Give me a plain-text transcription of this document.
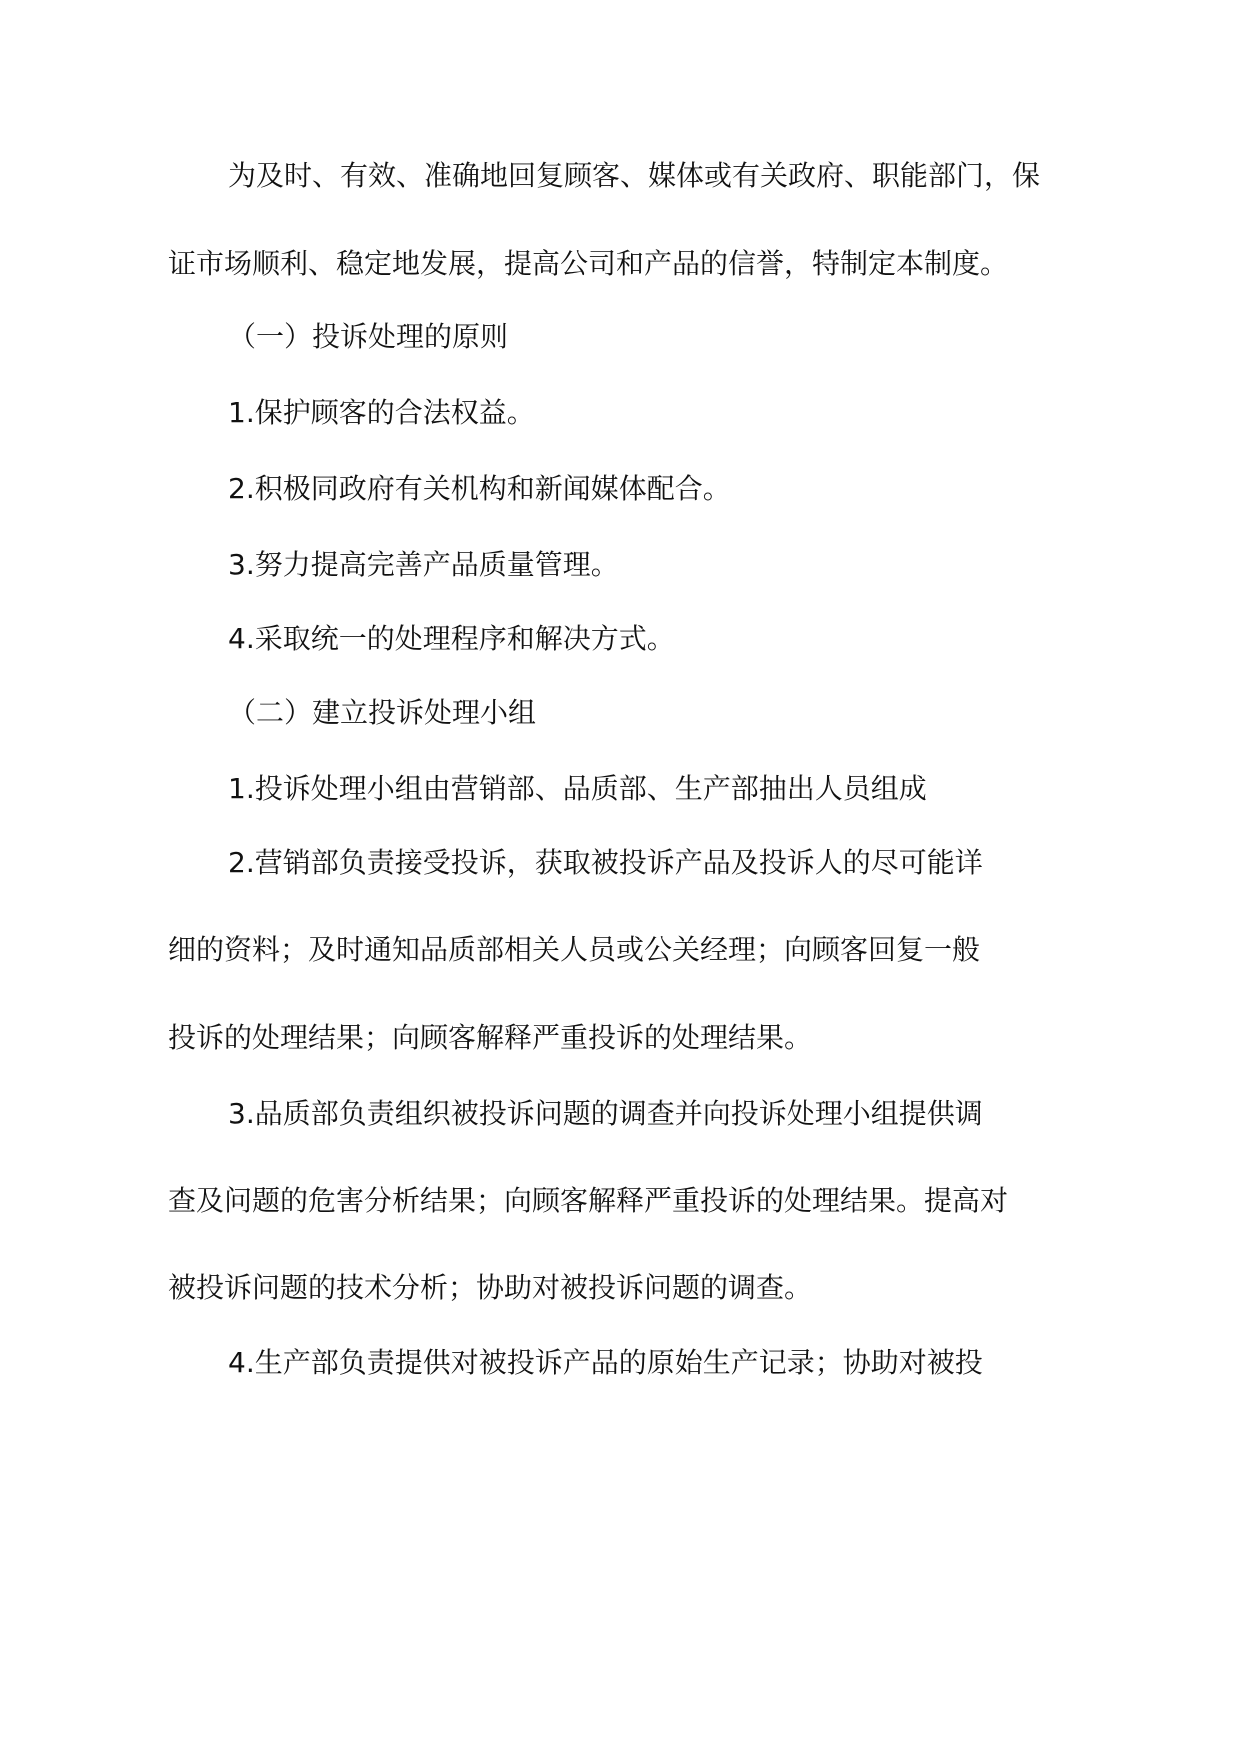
为及时、有效、准确地回复顾客、媒体或有关政府、职能部门，保
证市场顺利、稳定地发展，提高公司和产品的信誉，特制定本制度。
（一）投诉处理的原则
1.保护顾客的合法权益。
2.积极同政府有关机构和新闻媒体配合。
3.努力提高完善产品质量管理。
4.采取统一的处理程序和解决方式。
（二）建立投诉处理小组
1.投诉处理小组由营销部、品质部、生产部抽出人员组成
2.营销部负责接受投诉，获取被投诉产品及投诉人的尽可能详
细的资料；及时通知品质部相关人员或公关经理；向顾客回复一般
投诉的处理结果；向顾客解释严重投诉的处理结果。
3.品质部负责组织被投诉问题的调查并向投诉处理小组提供调
查及问题的危害分析结果；向顾客解释严重投诉的处理结果。提高对
被投诉问题的技术分析；协助对被投诉问题的调查。
4.生产部负责提供对被投诉产品的原始生产记录；协助对被投
